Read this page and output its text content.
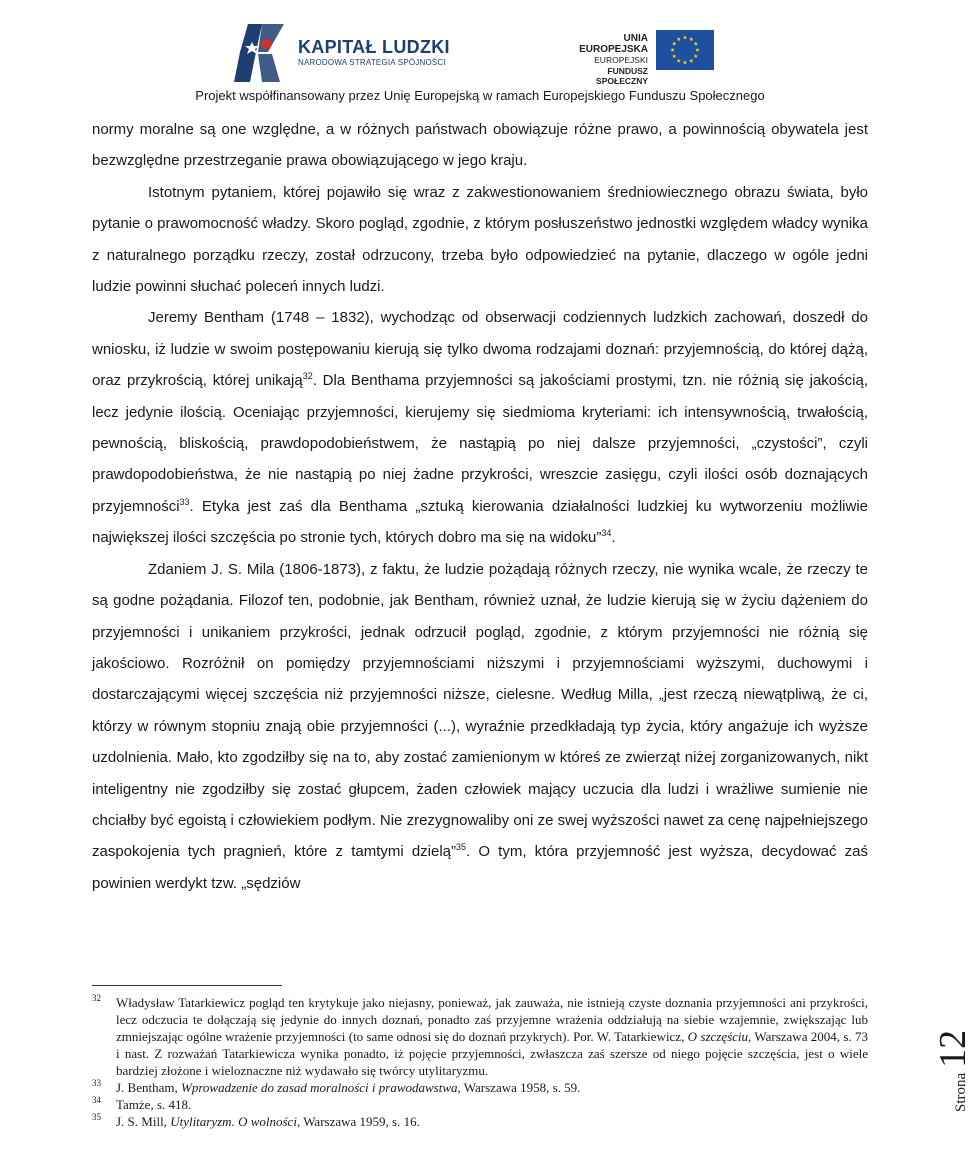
KAPITAŁ LUDZKI
NARODOWA STRATEGIA SPÓJNOŚCI
UNIA EUROPEJSKA
EUROPEJSKI
FUNDUSZ SPOŁECZNY
Projekt współfinansowany przez Unię Europejską w ramach Europejskiego Funduszu Społecznego

normy moralne są one względne, a w różnych państwach obowiązuje różne prawo, a powinnością obywatela jest bezwzględne przestrzeganie prawa obowiązującego w jego kraju.

Istotnym pytaniem, której pojawiło się wraz z zakwestionowaniem średniowiecznego obrazu świata, było pytanie o prawomocność władzy. Skoro pogląd, zgodnie, z którym posłuszeństwo jednostki względem władcy wynika z naturalnego porządku rzeczy, został odrzucony, trzeba było odpowiedzieć na pytanie, dlaczego w ogóle jedni ludzie powinni słuchać poleceń innych ludzi.

Jeremy Bentham (1748 – 1832), wychodząc od obserwacji codziennych ludzkich zachowań, doszedł do wniosku, iż ludzie w swoim postępowaniu kierują się tylko dwoma rodzajami doznań: przyjemnością, do której dążą, oraz przykrością, której unikają$^{32}$. Dla Benthama przyjemności są jakościami prostymi, tzn. nie różnią się jakością, lecz jedynie ilością. Oceniając przyjemności, kierujemy się siedmioma kryteriami: ich intensywnością, trwałością, pewnością, bliskością, prawdopodobieństwem, że nastąpią po niej dalsze przyjemności, „czystości”, czyli prawdopodobieństwa, że nie nastąpią po niej żadne przykrości, wreszcie zasięgu, czyli ilości osób doznających przyjemności$^{33}$. Etyka jest zaś dla Benthama „sztuką kierowania działalności ludzkiej ku wytworzeniu możliwie największej ilości szczęścia po stronie tych, których dobro ma się na widoku”$^{34}$.

Zdaniem J. S. Mila (1806-1873), z faktu, że ludzie pożądają różnych rzeczy, nie wynika wcale, że rzeczy te są godne pożądania. Filozof ten, podobnie, jak Bentham, również uznał, że ludzie kierują się w życiu dążeniem do przyjemności i unikaniem przykrości, jednak odrzucił pogląd, zgodnie, z którym przyjemności nie różnią się jakościowo. Rozróżnił on pomiędzy przyjemnościami niższymi i przyjemnościami wyższymi, duchowymi i dostarczającymi więcej szczęścia niż przyjemności niższe, cielesne. Według Milla, „jest rzeczą niewątpliwą, że ci, którzy w równym stopniu znają obie przyjemności (...), wyraźnie przedkładają typ życia, który angażuje ich wyższe uzdolnienia. Mało, kto zgodziłby się na to, aby zostać zamienionym w któreś ze zwierząt niżej zorganizowanych, nikt inteligentny nie zgodziłby się zostać głupcem, żaden człowiek mający uczucia dla ludzi i wrażliwe sumienie nie chciałby być egoistą i człowiekiem podłym. Nie zrezygnowaliby oni ze swej wyższości nawet za cenę najpełniejszego zaspokojenia tych pragnień, które z tamtymi dzielą”$^{35}$. O tym, która przyjemność jest wyższa, decydować zaś powinien werdykt tzw. „sędziów

32 Władysław Tatarkiewicz pogląd ten krytykuje jako niejasny, ponieważ, jak zauważa, nie istnieją czyste doznania przyjemności ani przykrości, lecz odczucia te dołączają się jedynie do innych doznań, ponadto zaś przyjemne wrażenia oddziałują na siebie wzajemnie, zwiększając lub zmniejszając ogólne wrażenie przyjemności (to same odnosi się do doznań przykrych). Por. W. Tatarkiewicz, O szczęściu, Warszawa 2004, s. 73 i nast. Z rozważań Tatarkiewicza wynika ponadto, iż pojęcie przyjemności, zwłaszcza zaś szersze od niego pojęcie szczęścia, jest o wiele bardziej złożone i wieloznaczne niż wydawało się twórcy utylitaryzmu.
33 J. Bentham, Wprowadzenie do zasad moralności i prawodawstwa, Warszawa 1958, s. 59.
34 Tamże, s. 418.
35 J. S. Mill, Utylitaryzm. O wolności, Warszawa 1959, s. 16.
Strona
12
